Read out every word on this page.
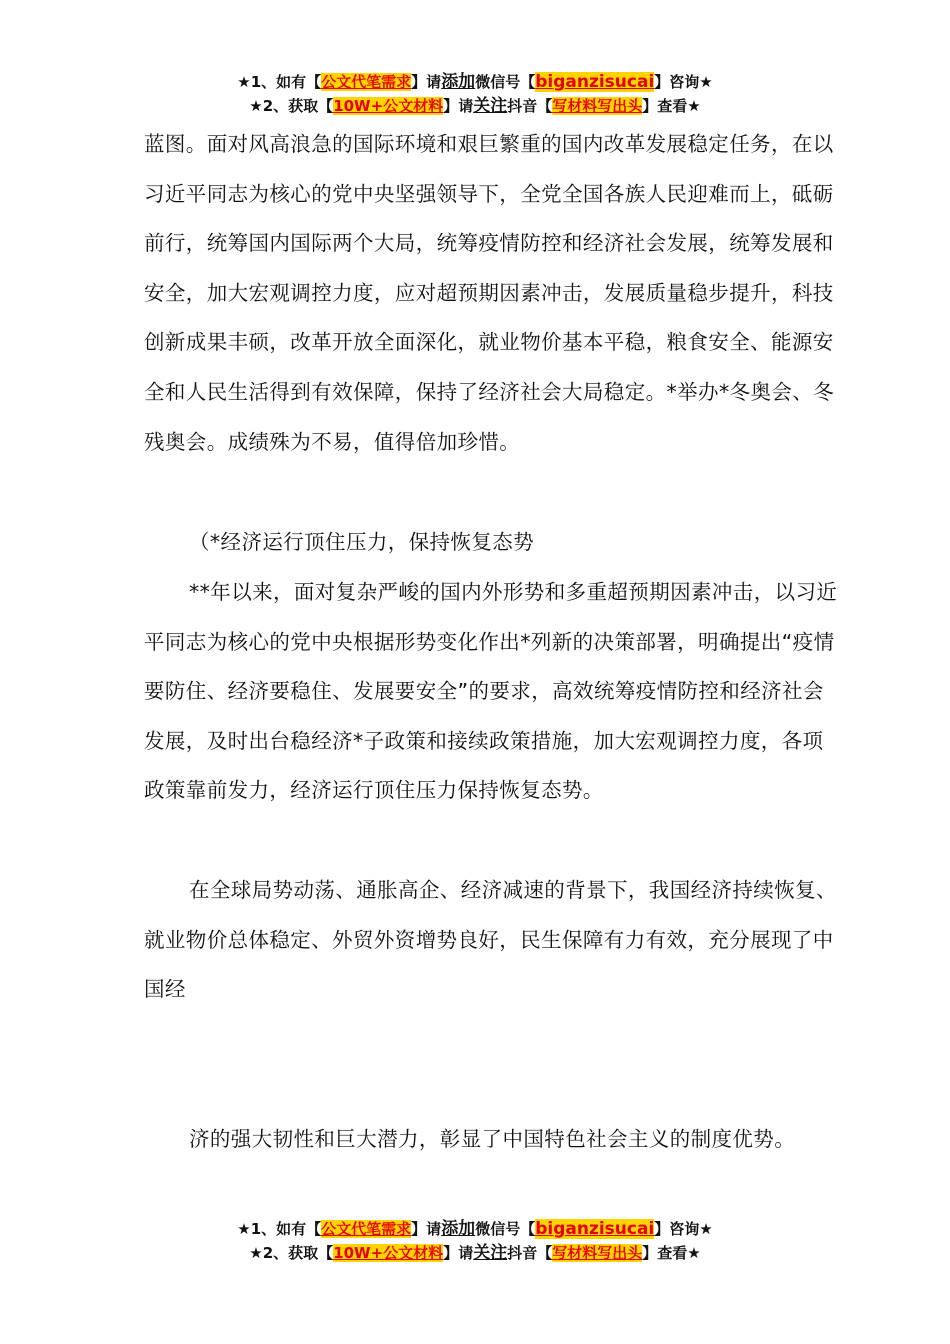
★1、如有【公文代笔需求】请添加微信号【biganzisucai】咨询★
★2、获取【10W+公文材料】请关注抖音【写材料写出头】查看★

蓝图。面对风高浪急的国际环境和艰巨繁重的国内改革发展稳定任务，在以习近平同志为核心的党中央坚强领导下，全党全国各族人民迎难而上，砥砺前行，统筹国内国际两个大局，统筹疫情防控和经济社会发展，统筹发展和安全，加大宏观调控力度，应对超预期因素冲击，发展质量稳步提升，科技创新成果丰硕，改革开放全面深化，就业物价基本平稳，粮食安全、能源安全和人民生活得到有效保障，保持了经济社会大局稳定。*举办*冬奥会、冬残奥会。成绩殊为不易，值得倍加珍惜。

（*经济运行顶住压力，保持恢复态势

**年以来，面对复杂严峻的国内外形势和多重超预期因素冲击，以习近平同志为核心的党中央根据形势变化作出*列新的决策部署，明确提出“疫情要防住、经济要稳住、发展要安全”的要求，高效统筹疫情防控和经济社会发展，及时出台稳经济*子政策和接续政策措施，加大宏观调控力度，各项政策靠前发力，经济运行顶住压力保持恢复态势。

在全球局势动荡、通胀高企、经济减速的背景下，我国经济持续恢复、就业物价总体稳定、外贸外资增势良好，民生保障有力有效，充分展现了中国经

济的强大韧性和巨大潜力，彰显了中国特色社会主义的制度优势。

★1、如有【公文代笔需求】请添加微信号【biganzisucai】咨询★
★2、获取【10W+公文材料】请关注抖音【写材料写出头】查看★
